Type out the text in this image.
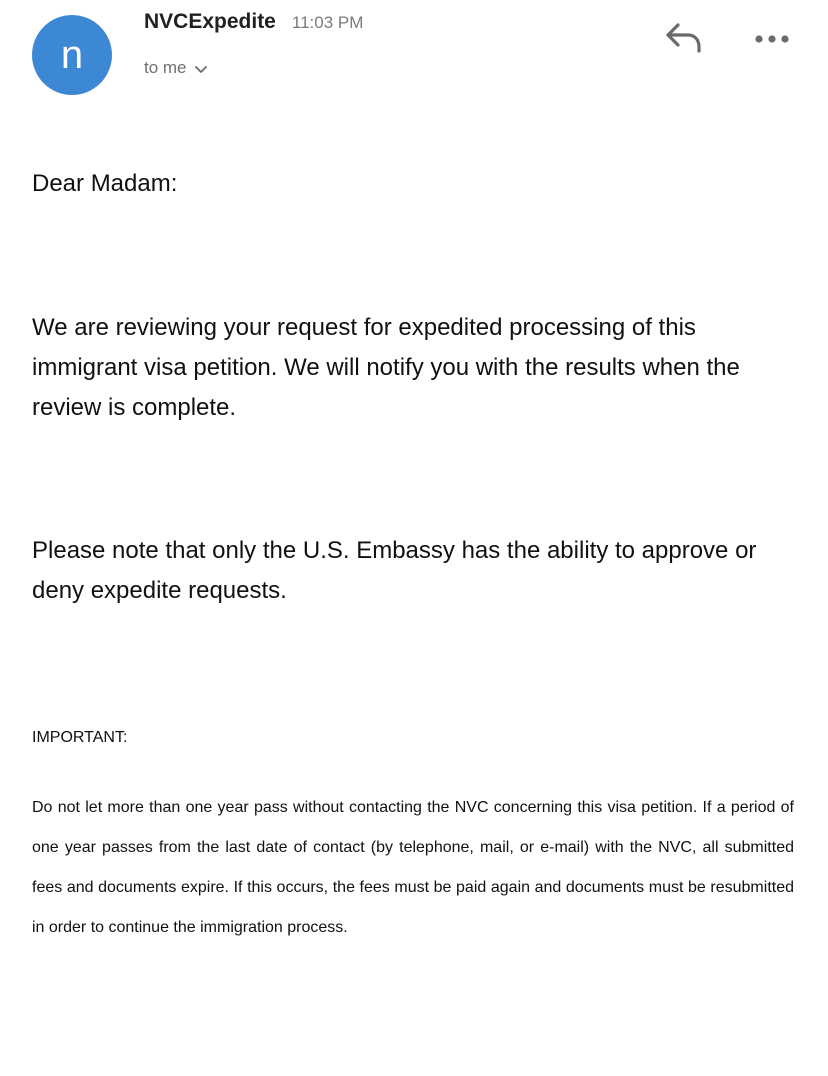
n
NVCExpedite 11:03 PM
to me

Dear Madam:

We are reviewing your request for expedited processing of this immigrant visa petition. We will notify you with the results when the review is complete.

Please note that only the U.S. Embassy has the ability to approve or deny expedite requests.

IMPORTANT:

Do not let more than one year pass without contacting the NVC concerning this visa petition. If a period of one year passes from the last date of contact (by telephone, mail, or e-mail) with the NVC, all submitted fees and documents expire. If this occurs, the fees must be paid again and documents must be resubmitted in order to continue the immigration process.
